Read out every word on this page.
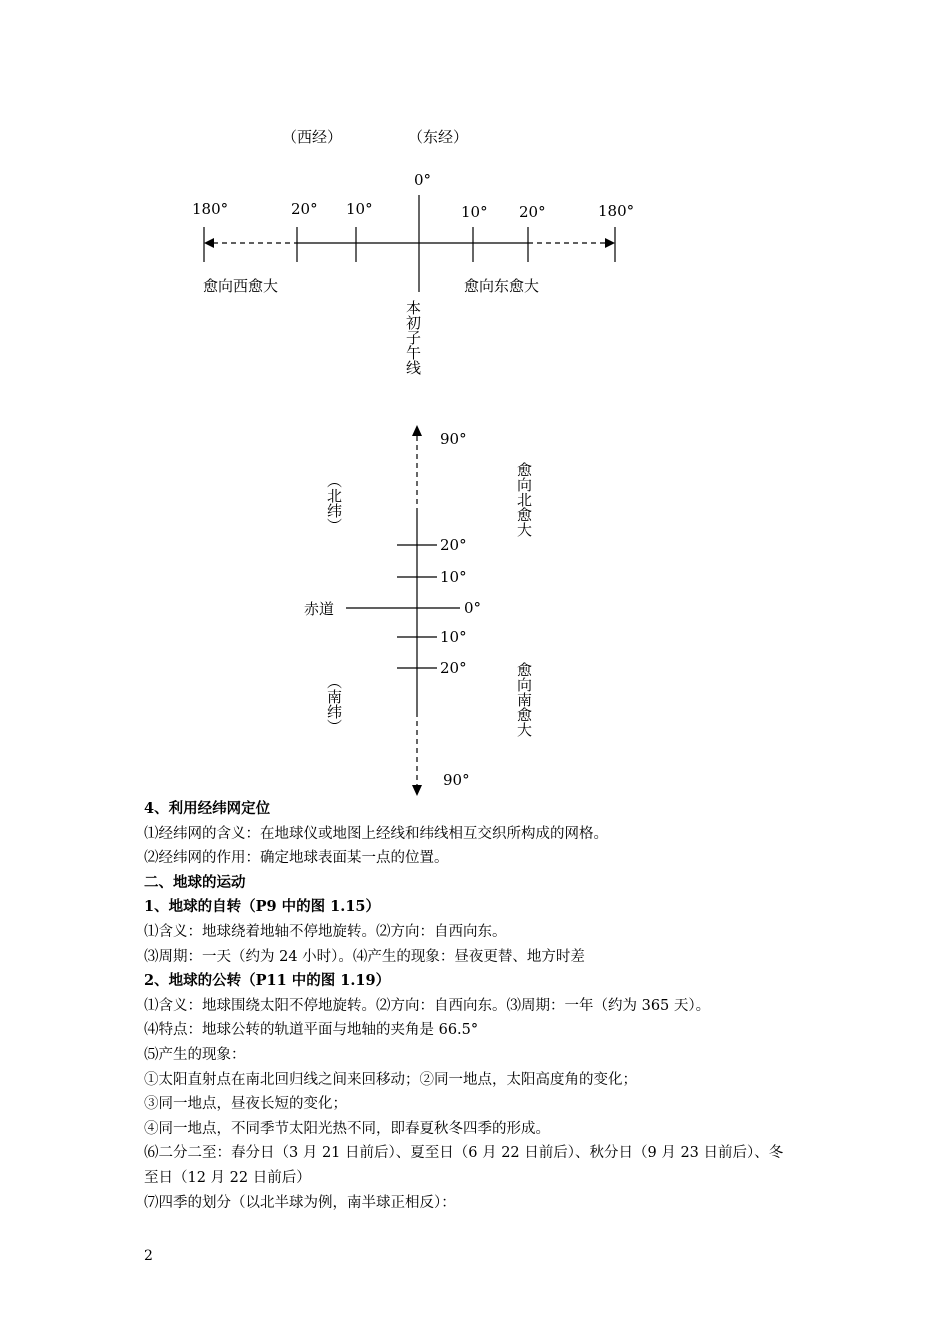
（西经）	（东经）
0°
180°	20° 10°	10° 20°	180°
愈向西愈大	愈向东愈大
本初子午线
90°
20°
10°
0°
10°
20°
90°
赤道
（北纬）
（南纬）
愈向北愈大
愈向南愈大
4、利用经纬网定位
⑴经纬网的含义：在地球仪或地图上经线和纬线相互交织所构成的网格。
⑵经纬网的作用：确定地球表面某一点的位置。
二、地球的运动
1、地球的自转（P9 中的图 1.15）
⑴含义：地球绕着地轴不停地旋转。⑵方向：自西向东。
⑶周期：一天（约为 24 小时）。⑷产生的现象：昼夜更替、地方时差
2、地球的公转（P11 中的图 1.19）
⑴含义：地球围绕太阳不停地旋转。⑵方向：自西向东。⑶周期：一年（约为 365 天）。
⑷特点：地球公转的轨道平面与地轴的夹角是 66.5°
⑸产生的现象：
①太阳直射点在南北回归线之间来回移动；②同一地点，太阳高度角的变化；
③同一地点，昼夜长短的变化；
④同一地点，不同季节太阳光热不同，即春夏秋冬四季的形成。
⑹二分二至：春分日（3 月 21 日前后）、夏至日（6 月 22 日前后）、秋分日（9 月 23 日前后）、冬
至日（12 月 22 日前后）
⑺四季的划分（以北半球为例，南半球正相反）：
2
